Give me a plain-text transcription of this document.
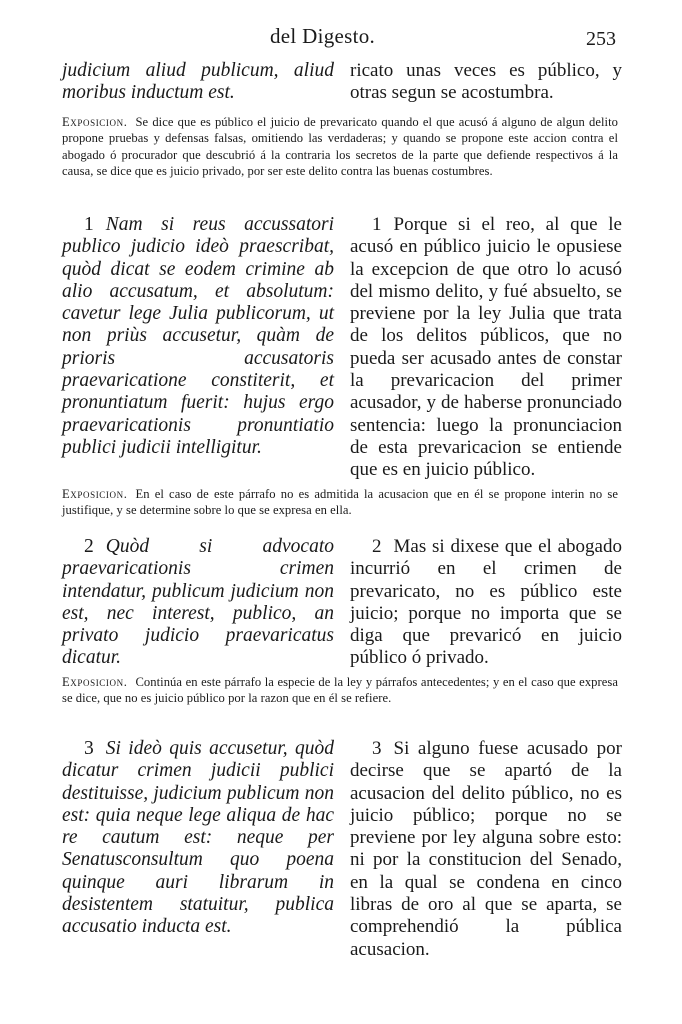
del Digesto.	253
judicium aliud publicum, aliud moribus inductum est.
ricato unas veces es público, y otras segun se acostumbra.
Exposicion. Se dice que es público el juicio de prevaricato quando el que acusó á alguno de algun delito propone pruebas y defensas falsas, omitiendo las verdaderas; y quando se propone este accion contra el abogado ó procurador que descubrió á la contraria los secretos de la parte que defiende respectivos á la causa, se dice que es juicio privado, por ser este delito contra las buenas costumbres.
1 Nam si reus accussatori publico judicio ideò praescribat, quòd dicat se eodem crimine ab alio accusatum, et absolutum: cavetur lege Julia publicorum, ut non priùs accusetur, quàm de prioris accusatoris praevaricatione constiterit, et pronuntiatum fuerit: hujus ergo praevaricationis pronuntiatio publici judicii intelligitur.
1 Porque si el reo, al que le acusó en público juicio le opusiese la excepcion de que otro lo acusó del mismo delito, y fué absuelto, se previene por la ley Julia que trata de los delitos públicos, que no pueda ser acusado antes de constar la prevaricacion del primer acusador, y de haberse pronunciado sentencia: luego la pronunciacion de esta prevaricacion se entiende que es en juicio público.
Exposicion. En el caso de este párrafo no es admitida la acusacion que en él se propone interin no se justifique, y se determine sobre lo que se expresa en ella.
2 Quòd si advocato praevaricationis crimen intendatur, publicum judicium non est, nec interest, publico, an privato judicio praevaricatus dicatur.
2 Mas si dixese que el abogado incurrió en el crimen de prevaricato, no es público este juicio; porque no importa que se diga que prevaricó en juicio público ó privado.
Exposicion. Continúa en este párrafo la especie de la ley y párrafos antecedentes; y en el caso que expresa se dice, que no es juicio público por la razon que en él se refiere.
3 Si ideò quis accusetur, quòd dicatur crimen judicii publici destituisse, judicium publicum non est: quia neque lege aliqua de hac re cautum est: neque per Senatusconsultum quo poena quinque auri librarum in desistentem statuitur, publica accusatio inducta est.
3 Si alguno fuese acusado por decirse que se apartó de la acusacion del delito público, no es juicio público; porque no se previene por ley alguna sobre esto: ni por la constitucion del Senado, en la qual se condena en cinco libras de oro al que se aparta, se comprehendió la pública acusacion.
